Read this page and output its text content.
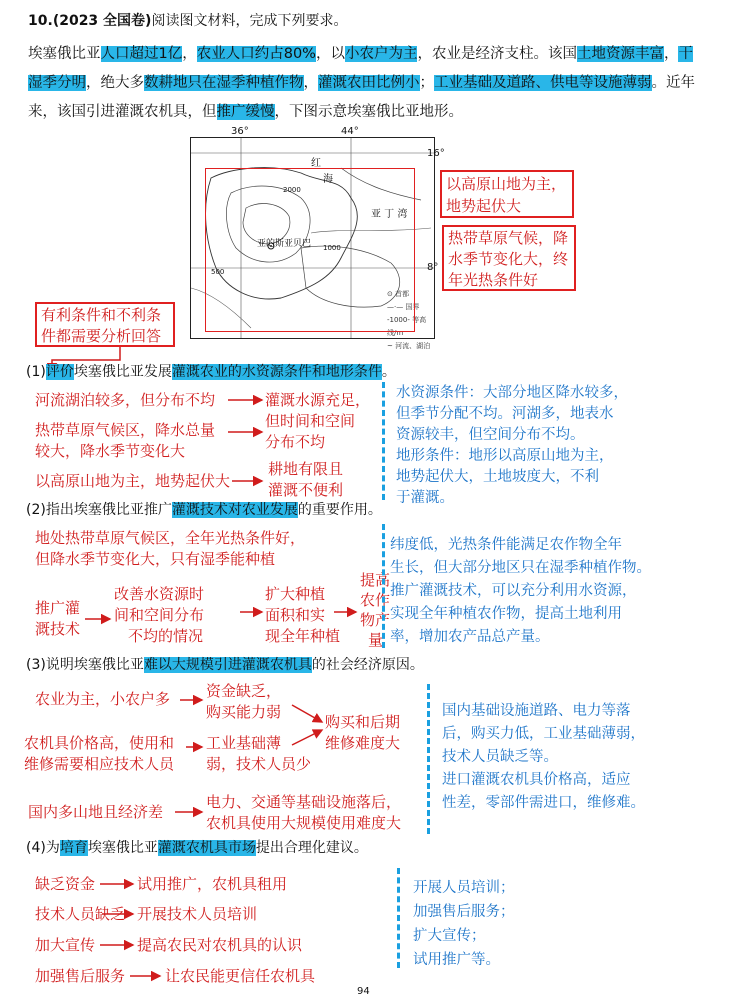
10.(2023 全国卷)阅读图文材料，完成下列要求。
埃塞俄比亚人口超过1亿，农业人口约占80%，以小农户为主，农业是经济支柱。该国土地资源丰富，干
湿季分明，绝大多数耕地只在湿季种植作物，灌溉农田比例小；工业基础及道路、供电等设施薄弱。近年
来，该国引进灌溉农机具，但推广缓慢，下图示意埃塞俄比亚地形。
36°	44°
16°
8°
红
海
亚 丁 湾
亚的斯亚贝巴
2000
1000
500
⊙ 首都
—·— 国界
-1000- 等高线/m
~ 河流、湖泊
以高原山地为主，
地势起伏大
热带草原气候，降
水季节变化大，终
年光热条件好
有利条件和不利条
件都需要分析回答
(1)评价埃塞俄比亚发展灌溉农业的水资源条件和地形条件。
河流湖泊较多，但分布不均	灌溉水源充足，
热带草原气候区，降水总量
较大，降水季节变化大
但时间和空间
分布不均
以高原山地为主，地势起伏大
耕地有限且
灌溉不便利
水资源条件：大部分地区降水较多，
但季节分配不均。河湖多，地表水
资源较丰，但空间分布不均。
地形条件：地形以高原山地为主，
地势起伏大，土地坡度大，不利
于灌溉。
(2)指出埃塞俄比亚推广灌溉技术对农业发展的重要作用。
地处热带草原气候区，全年光热条件好，
但降水季节变化大，只有湿季能种植
推广灌
溉技术
改善水资源时
间和空间分布
不均的情况
扩大种植
面积和实
现全年种植
提高
农作
物产
量
纬度低，光热条件能满足农作物全年
生长，但大部分地区只在湿季种植作物。
推广灌溉技术，可以充分利用水资源，
实现全年种植农作物，提高土地利用
率，增加农产品总产量。
(3)说明埃塞俄比亚难以大规模引进灌溉农机具的社会经济原因。
农业为主，小农户多 资金缺乏，
购买能力弱
购买和后期
维修难度大
农机具价格高，使用和
维修需要相应技术人员
工业基础薄
弱，技术人员少
国内多山地且经济差
电力、交通等基础设施落后，
农机具使用大规模使用难度大
国内基础设施道路、电力等落
后，购买力低，工业基础薄弱，
技术人员缺乏等。
进口灌溉农机具价格高，适应
性差，零部件需进口，维修难。
(4)为培育埃塞俄比亚灌溉农机具市场提出合理化建议。
缺乏资金	试用推广，农机具租用
技术人员缺乏 开展技术人员培训
加大宣传	提高农民对农机具的认识
加强售后服务	让农民能更信任农机具
开展人员培训；
加强售后服务；
扩大宣传；
试用推广等。
94
